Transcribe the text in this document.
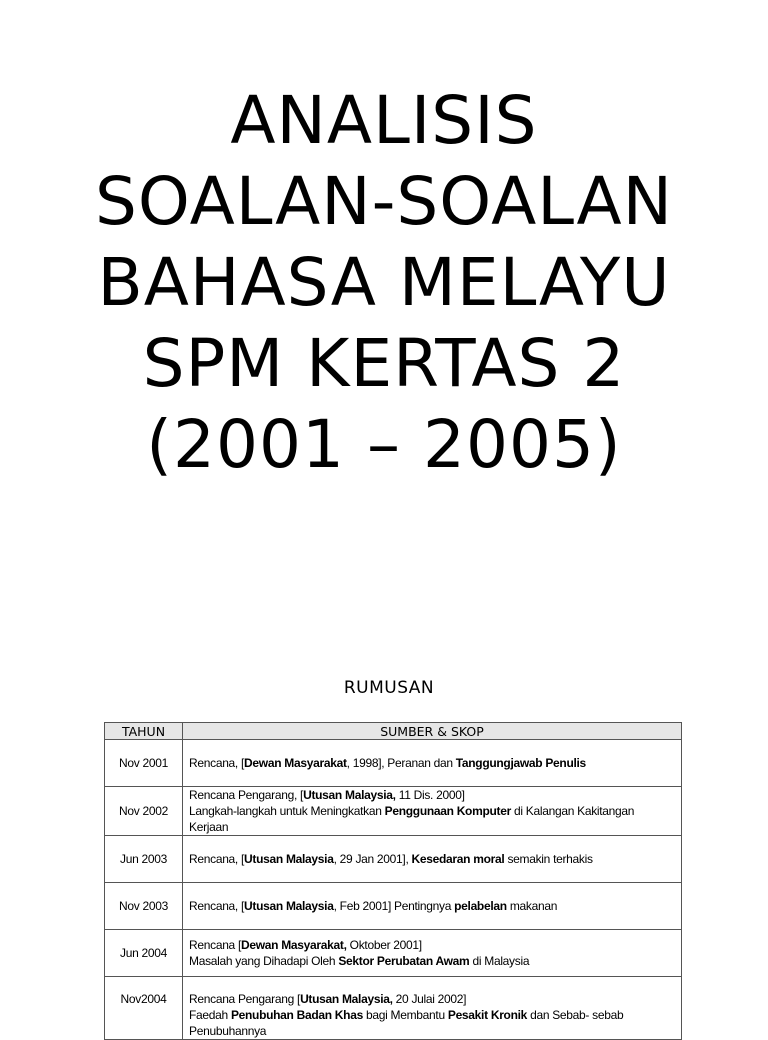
ANALISIS
SOALAN-SOALAN
BAHASA MELAYU
SPM KERTAS 2
(2001 – 2005)
RUMUSAN
TAHUN	SUMBER & SKOP
Nov 2001	Rencana, [Dewan Masyarakat, 1998], Peranan dan Tanggungjawab Penulis
Nov 2002	Rencana Pengarang, [Utusan Malaysia, 11 Dis. 2000]
Langkah-langkah untuk Meningkatkan Penggunaan Komputer di Kalangan Kakitangan Kerjaan
Jun 2003	Rencana, [Utusan Malaysia, 29 Jan 2001], Kesedaran moral semakin terhakis
Nov 2003	Rencana, [Utusan Malaysia, Feb 2001] Pentingnya pelabelan makanan
Jun 2004	Rencana [Dewan Masyarakat, Oktober 2001]
Masalah yang Dihadapi Oleh Sektor Perubatan Awam di Malaysia
Nov2004	Rencana Pengarang [Utusan Malaysia, 20 Julai 2002]

Faedah Penubuhan Badan Khas bagi Membantu Pesakit Kronik dan Sebab- sebab
Penubuhannya
